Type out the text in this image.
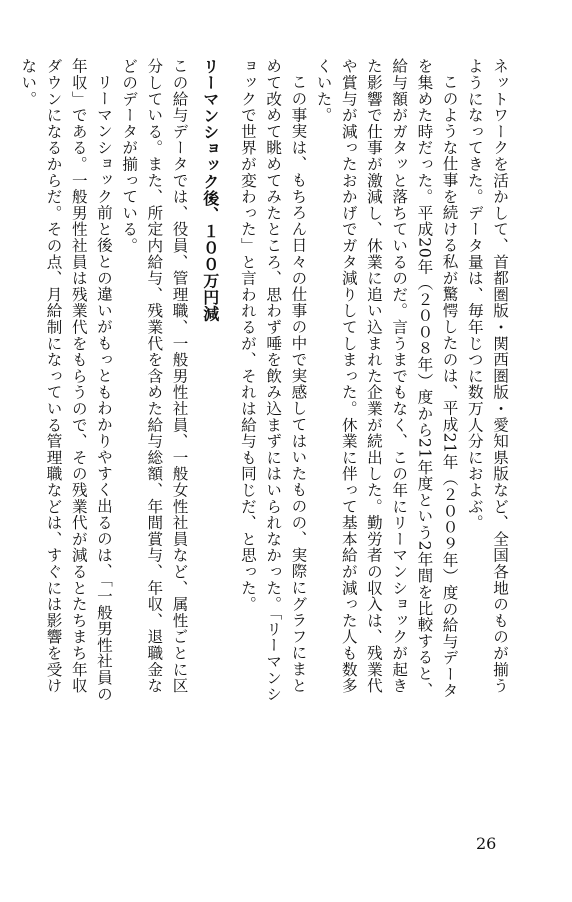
ネットワークを活かして、首都圏版・関西圏版・愛知県版など、全国各地のものが揃うようになってきた。データ量は、毎年じつに数万人分におよぶ。

このような仕事を続ける私が驚愕したのは、平成21年（２００９年）度の給与データを集めた時だった。平成20年（２００８年）度から21年度という2年間を比較すると、給与額がガタッと落ちているのだ。言うまでもなく、この年にリーマンショックが起きた影響で仕事が激減し、休業に追い込まれた企業が続出した。勤労者の収入は、残業代や賞与が減ったおかげでガタ減りしてしまった。休業に伴って基本給が減った人も数多くいた。

この事実は、もちろん日々の仕事の中で実感してはいたものの、実際にグラフにまとめて改めて眺めてみたところ、思わず唾を飲み込まずにはいられなかった。「リーマンショックで世界が変わった」と言われるが、それは給与も同じだ、と思った。

リーマンショック後、１００万円減

この給与データでは、役員、管理職、一般男性社員、一般女性社員など、属性ごとに区分している。また、所定内給与、残業代を含めた給与総額、年間賞与、年収、退職金などのデータが揃っている。

リーマンショック前と後との違いがもっともわかりやすく出るのは、「一般男性社員の年収」である。一般男性社員は残業代をもらうので、その残業代が減るとたちまち年収ダウンになるからだ。その点、月給制になっている管理職などは、すぐには影響を受けない。

26
